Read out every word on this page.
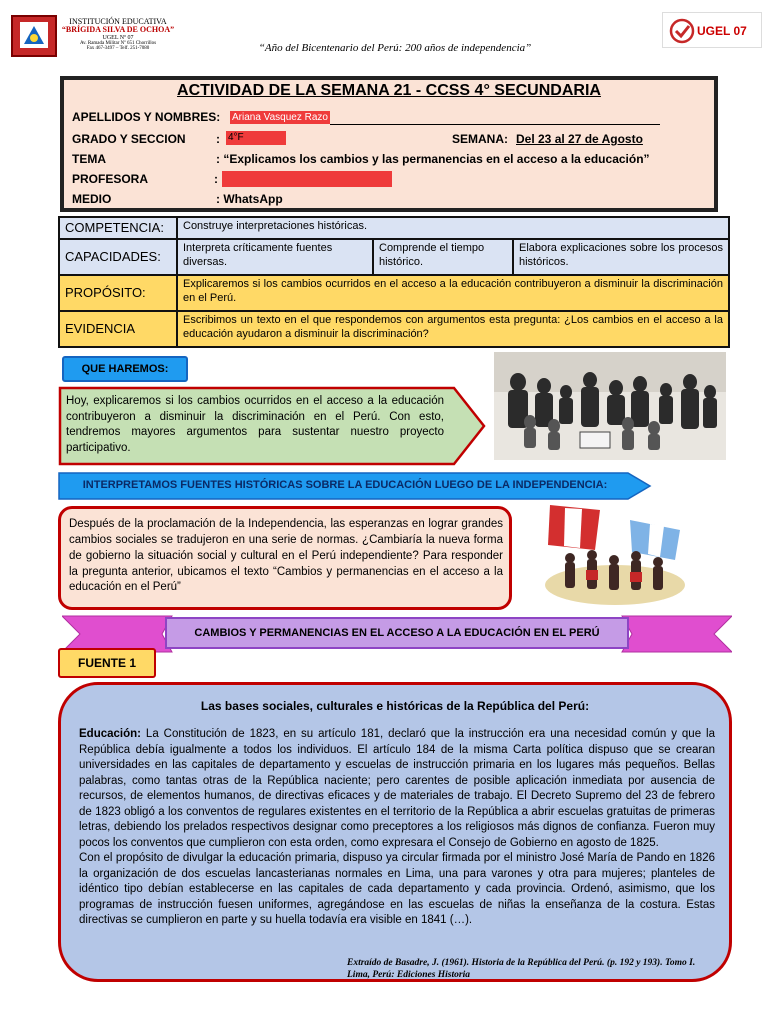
INSTITUCIÓN EDUCATIVA
“BRÍGIDA SILVA DE OCHOA”
UGEL Nº 07
Av. Ramada Militar Nº 651 Chorrillos
Fax 467-3497 – Telf. 251-7080	“Año del Bicentenario del Perú: 200 años de independencia”
UGEL 07
ACTIVIDAD DE LA SEMANA 21 - CCSS 4° SECUNDARIA
APELLIDOS Y NOMBRES: Ariana Vasquez Razo
GRADO Y SECCION	: 4°F	SEMANA: Del 23 al 27 de Agosto
TEMA	: “Explicamos los cambios y las permanencias en el acceso a la educación”
PROFESORA	:
MEDIO	: WhatsApp
COMPETENCIA:	Construye interpretaciones históricas.		
CAPACIDADES:	Interpreta críticamente fuentes diversas.	Comprende el tiempo histórico.	Elabora explicaciones sobre los procesos históricos.
PROPÓSITO:	Explicaremos si los cambios ocurridos en el acceso a la educación contribuyeron a disminuir la discriminación en el Perú.		
EVIDENCIA	Escribimos un texto en el que respondemos con argumentos esta pregunta: ¿Los cambios en el acceso a la educación ayudaron a disminuir la discriminación?		
QUE HAREMOS:
Hoy, explicaremos si los cambios ocurridos en el acceso a la educación contribuyeron a disminuir la discriminación en el Perú. Con esto, tendremos mayores argumentos para sustentar nuestro proyecto participativo.
INTERPRETAMOS FUENTES HISTÓRICAS SOBRE LA EDUCACIÓN LUEGO DE LA INDEPENDENCIA:
Después de la proclamación de la Independencia, las esperanzas en lograr grandes cambios sociales se tradujeron en una serie de normas. ¿Cambiaría la nueva forma de gobierno la situación social y cultural en el Perú independiente? Para responder la pregunta anterior, ubicamos el texto “Cambios y permanencias en el acceso a la educación en el Perú”
CAMBIOS Y PERMANENCIAS EN EL ACCESO A LA EDUCACIÓN EN EL PERÚ
FUENTE 1
Las bases sociales, culturales e históricas de la República del Perú:
Educación: La Constitución de 1823, en su artículo 181, declaró que la instrucción era una necesidad común y que la República debía igualmente a todos los individuos. El artículo 184 de la misma Carta política dispuso que se crearan universidades en las capitales de departamento y escuelas de instrucción primaria en los lugares más pequeños. Bellas palabras, como tantas otras de la República naciente; pero carentes de posible aplicación inmediata por ausencia de recursos, de elementos humanos, de directivas eficaces y de materiales de trabajo. El Decreto Supremo del 23 de febrero de 1823 obligó a los conventos de regulares existentes en el territorio de la República a abrir escuelas gratuitas de primeras letras, debiendo los prelados respectivos designar como preceptores a los religiosos más dignos de confianza. Fueron muy pocos los conventos que cumplieron con esta orden, como expresara el Consejo de Gobierno en agosto de 1825.
Con el propósito de divulgar la educación primaria, dispuso ya circular firmada por el ministro José María de Pando en 1826 la organización de dos escuelas lancasterianas normales en Lima, una para varones y otra para mujeres; planteles de idéntico tipo debían establecerse en las capitales de cada departamento y cada provincia. Ordenó, asimismo, que los programas de instrucción fuesen uniformes, agregándose en las escuelas de niñas la enseñanza de la costura. Estas directivas se cumplieron en parte y su huella todavía era visible en 1841 (…).
Extraído de Basadre, J. (1961). Historia de la República del Perú. (p. 192 y 193). Tomo I. Lima, Perú: Ediciones Historia
